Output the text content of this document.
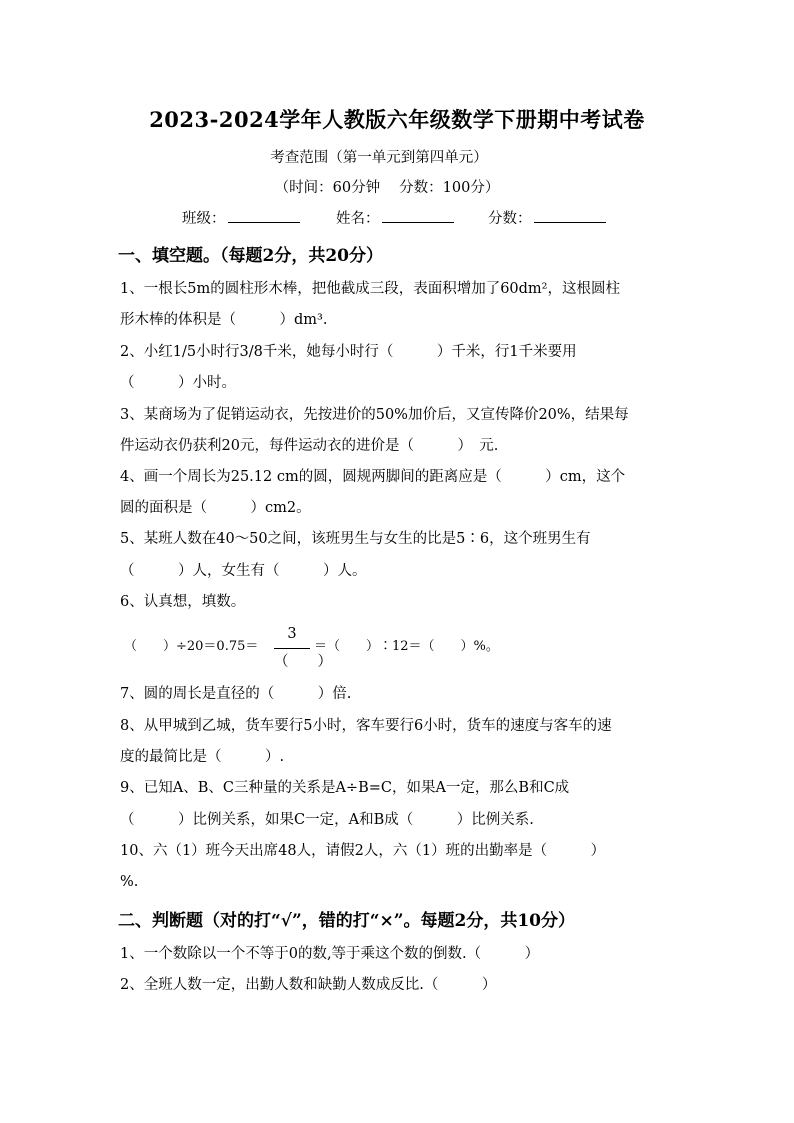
2023-2024学年人教版六年级数学下册期中考试卷
考查范围（第一单元到第四单元）
（时间：60分钟　 分数：100分）
班级：	姓名：	分数：
一、填空题。（每题2分，共20分）
1、一根长5m的圆柱形木棒，把他截成三段，表面积增加了60dm²，这根圆柱
形木棒的体积是（　　　）dm³.
2、小红1/5小时行3/8千米，她每小时行（　　　）千米，行1千米要用
（　　　）小时。
3、某商场为了促销运动衣，先按进价的50%加价后，又宣传降价20%，结果每
件运动衣仍获利20元，每件运动衣的进价是（　　　）　元.
4、画一个周长为25.12 cm的圆，圆规两脚间的距离应是（　　　）cm，这个
圆的面积是（　　　）cm2。
5、某班人数在40～50之间，该班男生与女生的比是5∶6，这个班男生有
（　　　）人，女生有（　　　）人。
6、认真想，填数。
（　　）÷20＝0.75＝
3
（　　）
＝（　　）∶12＝（　　）%。
7、圆的周长是直径的（　　　）倍.
8、从甲城到乙城，货车要行5小时，客车要行6小时，货车的速度与客车的速
度的最简比是（　　　）.
9、已知A、B、C三种量的关系是A÷B=C，如果A一定，那么B和C成
（　　　）比例关系，如果C一定，A和B成（　　　）比例关系.
10、六（1）班今天出席48人，请假2人，六（1）班的出勤率是（　　　）
%.
二、判断题（对的打“√”，错的打“×”。每题2分，共10分）
1、一个数除以一个不等于0的数,等于乘这个数的倒数.（　　　）
2、全班人数一定，出勤人数和缺勤人数成反比.（　　　）
